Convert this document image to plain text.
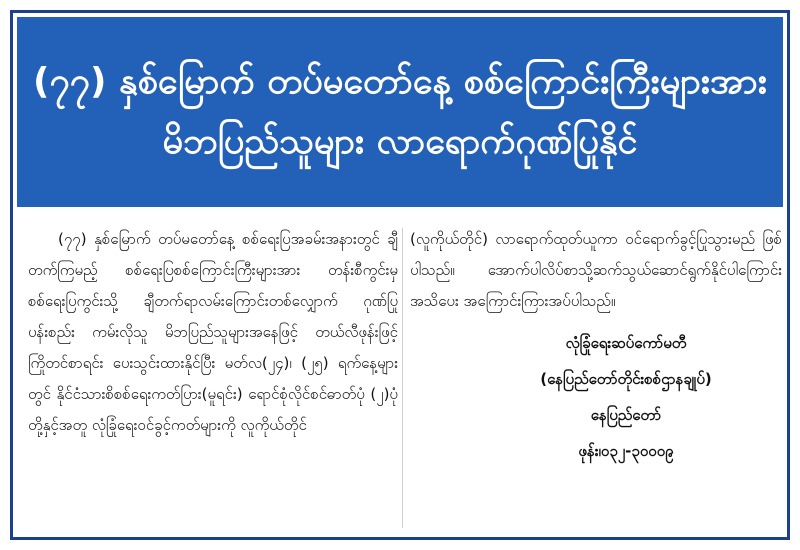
(၇၇) နှစ်မြောက် တပ်မတော်နေ့ စစ်ကြောင်းကြီးများအား
မိဘပြည်သူများ လာရောက်ဂုဏ်ပြုနိုင်

(၇၇) နှစ်မြောက် တပ်မတော်နေ့ စစ်ရေးပြအခမ်းအနားတွင် ချီတက်ကြမည့် စစ်ရေးပြစစ်ကြောင်းကြီးများအား တန်းစီကွင်းမှ စစ်ရေးပြကွင်းသို့ ချီတက်ရာလမ်းကြောင်းတစ်လျှောက် ဂုဏ်ပြု ပန်းစည်း ကမ်းလိုသူ မိဘပြည်သူများအနေဖြင့် တယ်လီဖုန်းဖြင့် ကြိုတင်စာရင်း ပေးသွင်းထားနိုင်ပြီး မတ်လ(၂၄)၊ (၂၅) ရက်နေ့များ တွင် နိုင်ငံသားစိစစ်ရေးကတ်ပြား(မူရင်း) ရောင်စုံလိုင်စင်ဓာတ်ပုံ (၂)ပုံတို့နှင့်အတူ လုံခြုံရေးဝင်ခွင့်ကတ်များကို လူကိုယ်တိုင်

(လူကိုယ်တိုင်) လာရောက်ထုတ်ယူကာ ဝင်ရောက်ခွင့်ပြုသွားမည် ဖြစ်ပါသည်။ အောက်ပါလိပ်စာသို့ဆက်သွယ်ဆောင်ရွက်နိုင်ပါကြောင်း အသိပေး အကြောင်းကြားအပ်ပါသည်။

လုံခြုံရေးဆပ်ကော်မတီ
(နေပြည်တော်တိုင်းစစ်ဌာနချုပ်)
နေပြည်တော်
ဖုန်း၊၀၃၂-၃၀၀၀၉
